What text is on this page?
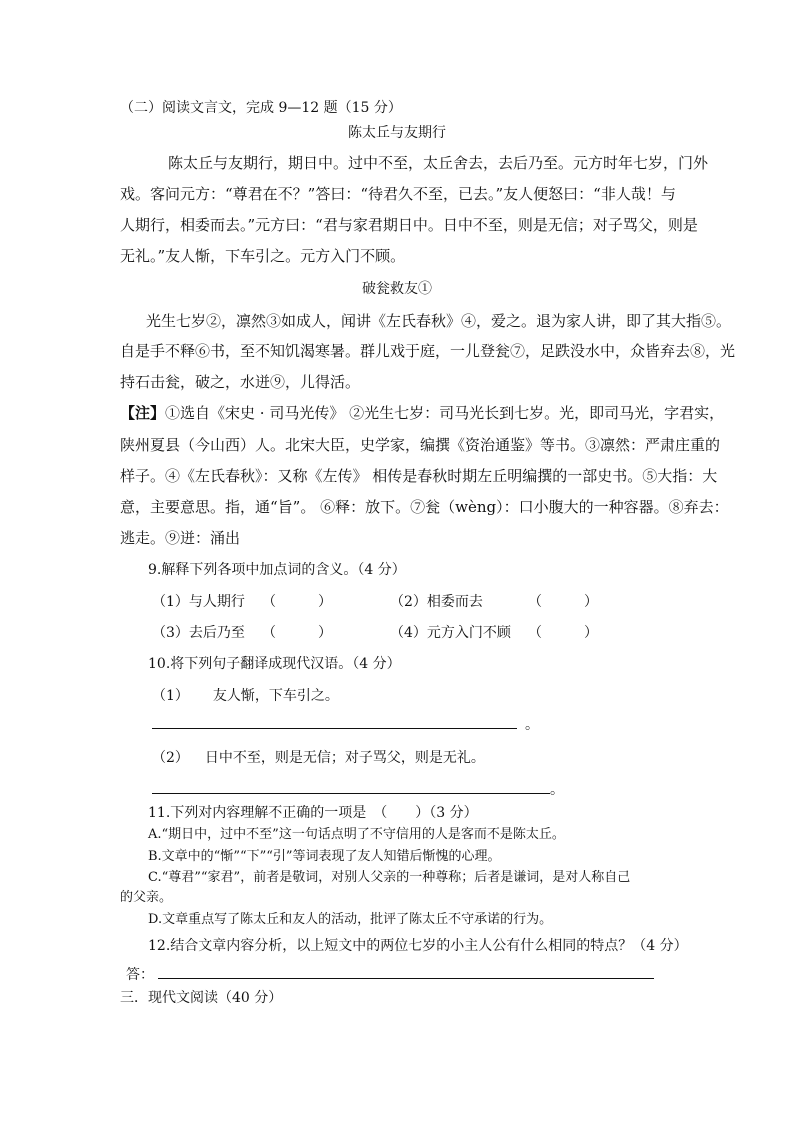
（二）阅读文言文，完成 9—12 题（15 分）
陈太丘与友期行
陈太丘与友期行，期日中。过中不至，太丘舍去，去后乃至。元方时年七岁，门外
戏。客问元方：“尊君在不？”答曰：“待君久不至，已去。”友人便怒曰：“非人哉！与
人期行，相委而去。”元方曰：“君与家君期日中。日中不至，则是无信；对子骂父，则是
无礼。”友人惭，下车引之。元方入门不顾。
破瓮救友①
光生七岁②，凛然③如成人，闻讲《左氏春秋》④，爱之。退为家人讲，即了其大指⑤。
自是手不释⑥书，至不知饥渴寒暑。群儿戏于庭，一儿登瓮⑦，足跌没水中，众皆弃去⑧，光
持石击瓮，破之，水迸⑨，儿得活。
【注】①选自《宋史 · 司马光传》 ②光生七岁：司马光长到七岁。光，即司马光，字君实，
陕州夏县（今山西）人。北宋大臣，史学家，编撰《资治通鉴》等书。③凛然：严肃庄重的
样子。④《左氏春秋》：又称《左传》 相传是春秋时期左丘明编撰的一部史书。⑤大指：大
意，主要意思。指，通“旨”。 ⑥释：放下。⑦瓮（wèng）：口小腹大的一种容器。⑧弃去：
逃走。⑨迸：涌出
9.解释下列各项中加点词的含义。（4 分）
（1）与人期行 （　　　）	（2）相委而去	（　　　）
（3）去后乃至 （　　　）	（4）元方入门不顾 （　　　）
10.将下列句子翻译成现代汉语。（4 分）
（1） 友人惭，下车引之。
。
（2） 日中不至，则是无信；对子骂父，则是无礼。
。
11.下列对内容理解不正确的一项是　（　　）（3 分）
A.“期日中，过中不至”这一句话点明了不守信用的人是客而不是陈太丘。
B.文章中的“惭”“下”“引”等词表现了友人知错后惭愧的心理。
C.“尊君”“家君”，前者是敬词，对别人父亲的一种尊称；后者是谦词，是对人称自己
的父亲。
D.文章重点写了陈太丘和友人的活动，批评了陈太丘不守承诺的行为。
12.结合文章内容分析，以上短文中的两位七岁的小主人公有什么相同的特点？（4 分）
答：
三．现代文阅读（40 分）
